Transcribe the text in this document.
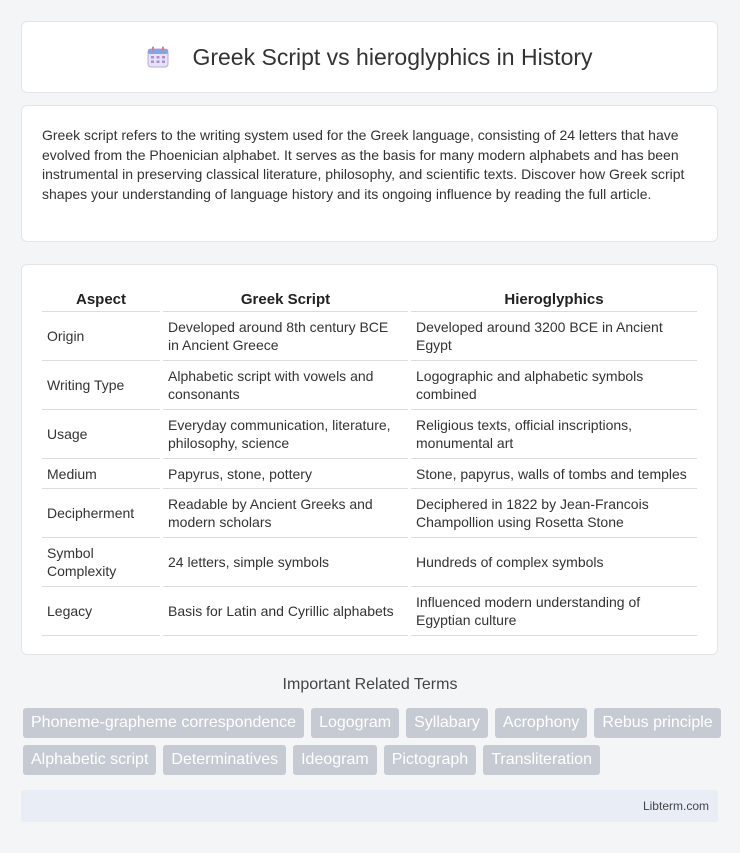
Greek Script vs hieroglyphics in History
Greek script refers to the writing system used for the Greek language, consisting of 24 letters that have evolved from the Phoenician alphabet. It serves as the basis for many modern alphabets and has been instrumental in preserving classical literature, philosophy, and scientific texts. Discover how Greek script shapes your understanding of language history and its ongoing influence by reading the full article.
Aspect	Greek Script	Hieroglyphics
Origin	Developed around 8th century BCE in Ancient Greece	Developed around 3200 BCE in Ancient Egypt
Writing Type	Alphabetic script with vowels and consonants	Logographic and alphabetic symbols combined
Usage	Everyday communication, literature, philosophy, science	Religious texts, official inscriptions, monumental art
Medium	Papyrus, stone, pottery	Stone, papyrus, walls of tombs and temples
Decipherment	Readable by Ancient Greeks and modern scholars	Deciphered in 1822 by Jean-Francois Champollion using Rosetta Stone
Symbol Complexity	24 letters, simple symbols	Hundreds of complex symbols
Legacy	Basis for Latin and Cyrillic alphabets	Influenced modern understanding of Egyptian culture
Important Related Terms
Phoneme-grapheme correspondence	Logogram	Syllabary	Acrophony	Rebus principle
Alphabetic script	Determinatives	Ideogram	Pictograph	Transliteration
Libterm.com
